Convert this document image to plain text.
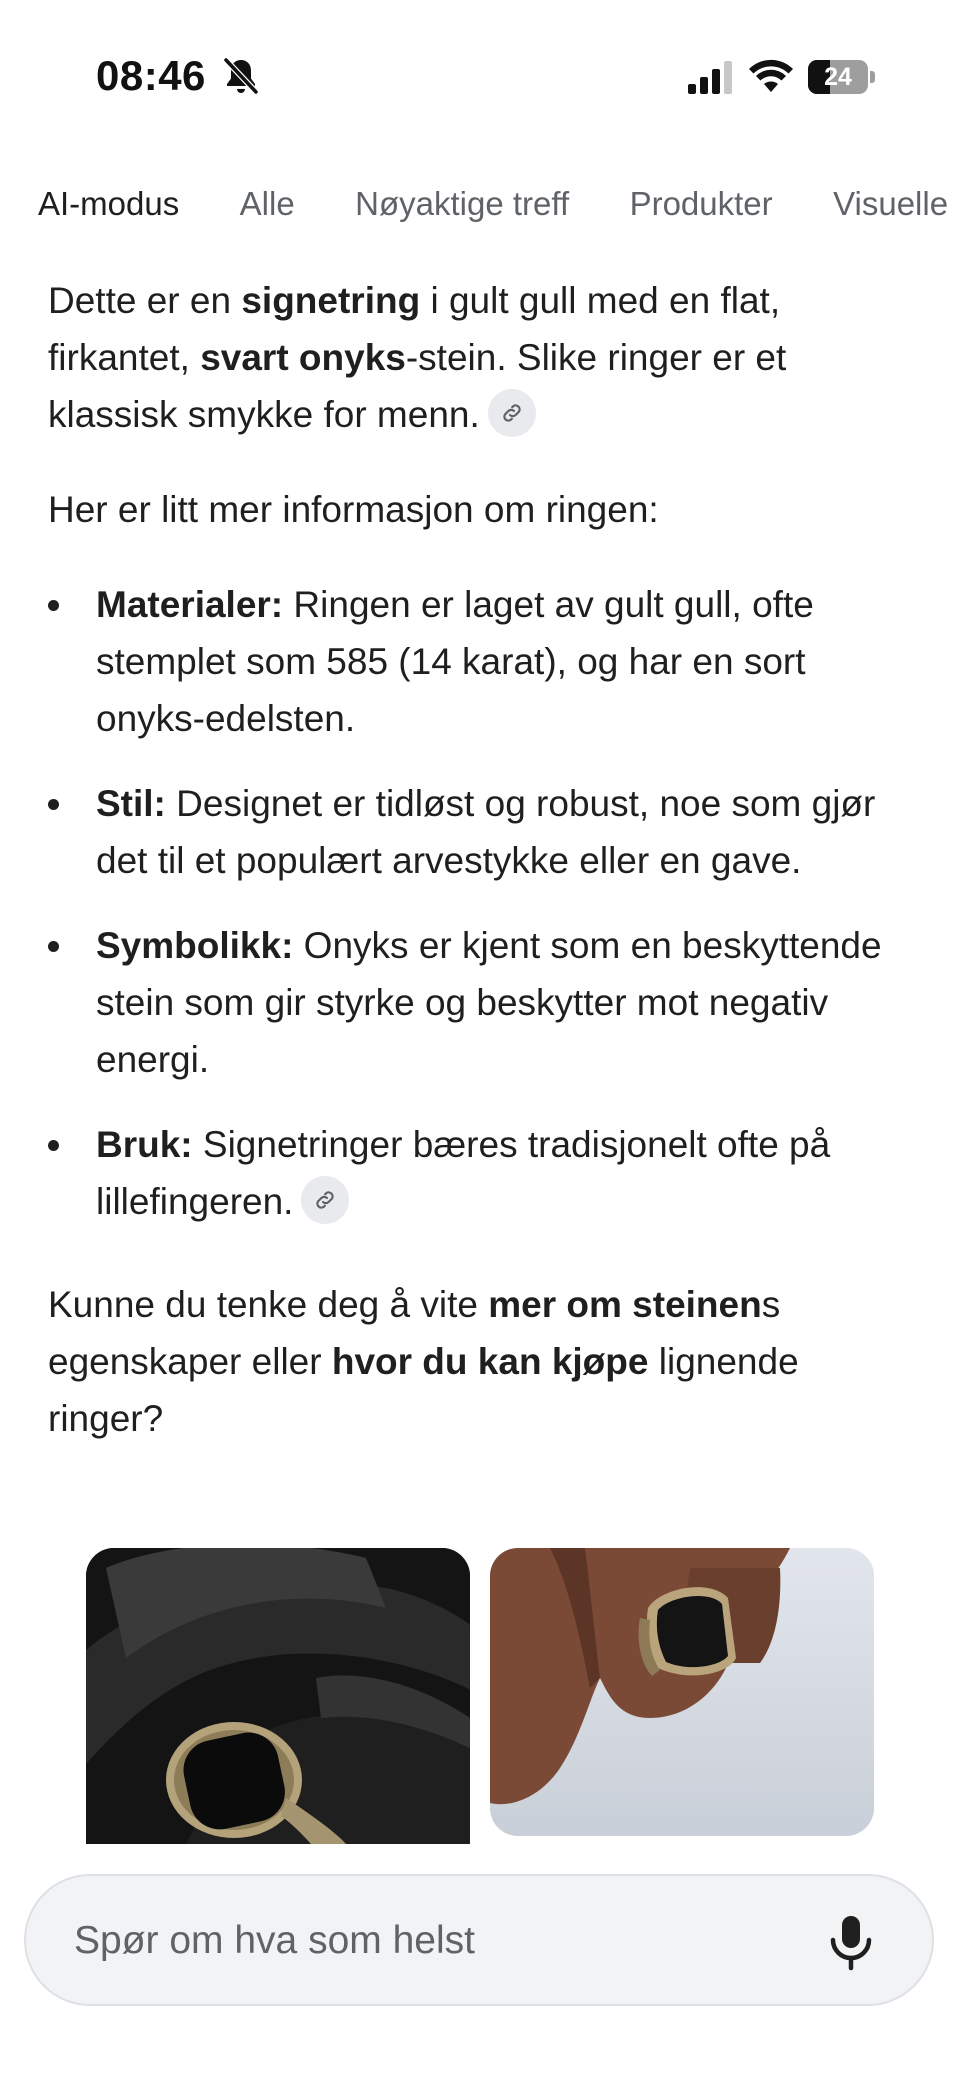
08:46	24
AI-modus Alle Nøyaktige treff Produkter Visuelle

Dette er en signetring i gult gull med en flat, firkantet, svart onyks-stein. Slike ringer er et klassisk smykke for menn.

Her er litt mer informasjon om ringen:

Materialer: Ringen er laget av gult gull, ofte stemplet som 585 (14 karat), og har en sort onyks-edelsten.
Stil: Designet er tidløst og robust, noe som gjør det til et populært arvestykke eller en gave.
Symbolikk: Onyks er kjent som en beskyttende stein som gir styrke og beskytter mot negativ energi.
Bruk: Signetringer bæres tradisjonelt ofte på lillefingeren.

Kunne du tenke deg å vite mer om steinens egenskaper eller hvor du kan kjøpe lignende ringer?

Spør om hva som helst
